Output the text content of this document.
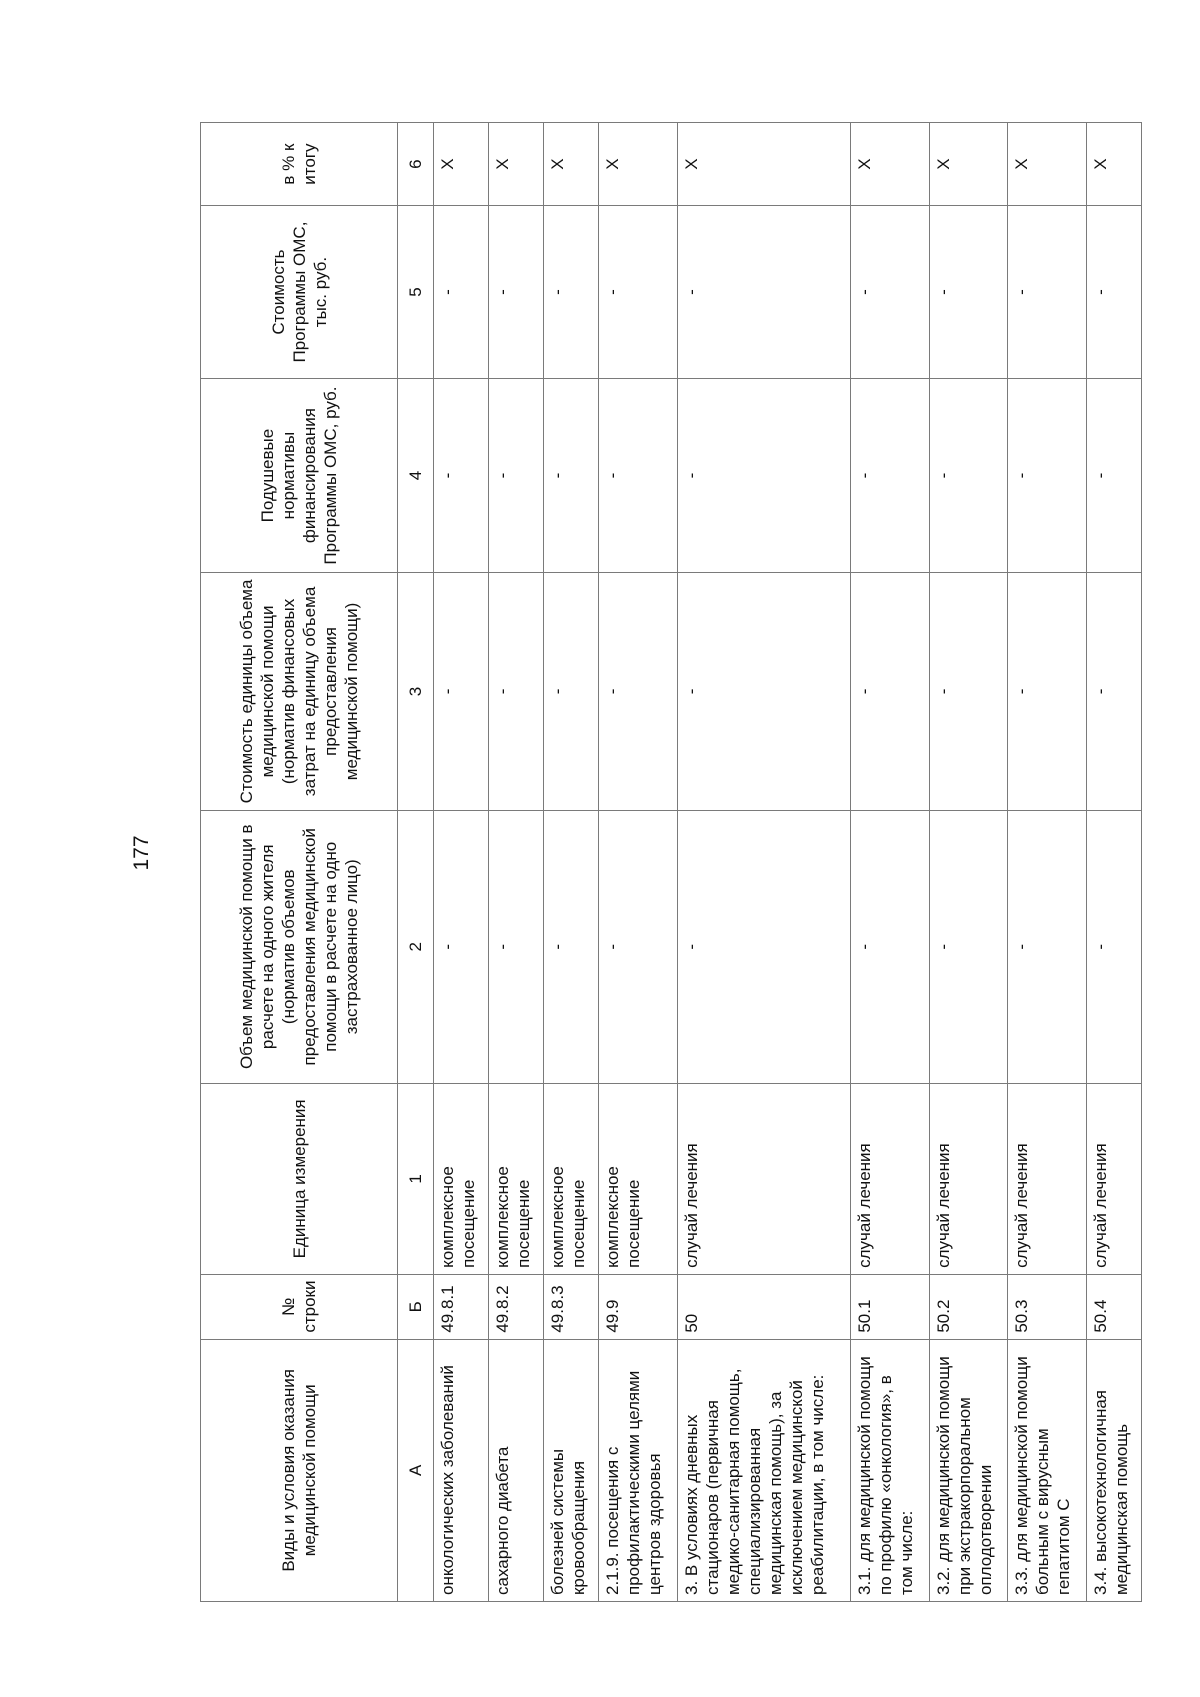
177
Виды и условия оказания медицинской помощи	№ строки	Единица измерения	Объем медицинской помощи в расчете на одного жителя (норматив объемов предоставления медицинской помощи в расчете на одно застрахованное лицо)	Стоимость единицы объема медицинской помощи (норматив финансовых затрат на единицу объема предоставления медицинской помощи)	Подушевые нормативы финансирования Программы ОМС, руб.	Стоимость Программы ОМС, тыс. руб.	в % к итогу
А	Б	1	2	3	4	5	6
онкологических заболеваний	49.8.1	комплексное посещение	-	-	-	-	Х
сахарного диабета	49.8.2	комплексное посещение	-	-	-	-	Х
болезней системы кровообращения	49.8.3	комплексное посещение	-	-	-	-	Х
2.1.9. посещения с профилактическими целями центров здоровья	49.9	комплексное посещение	-	-	-	-	Х
3. В условиях дневных стационаров (первичная медико-санитарная помощь, специализированная медицинская помощь), за исключением медицинской реабилитации, в том числе:	50	случай лечения	-	-	-	-	Х
3.1. для медицинской помощи по профилю «онкология», в том числе:	50.1	случай лечения	-	-	-	-	Х
3.2. для медицинской помощи при экстракорпоральном оплодотворении	50.2	случай лечения	-	-	-	-	Х
3.3. для медицинской помощи больным с вирусным гепатитом С	50.3	случай лечения	-	-	-	-	Х
3.4. высокотехнологичная медицинская помощь	50.4	случай лечения	-	-	-	-	Х
